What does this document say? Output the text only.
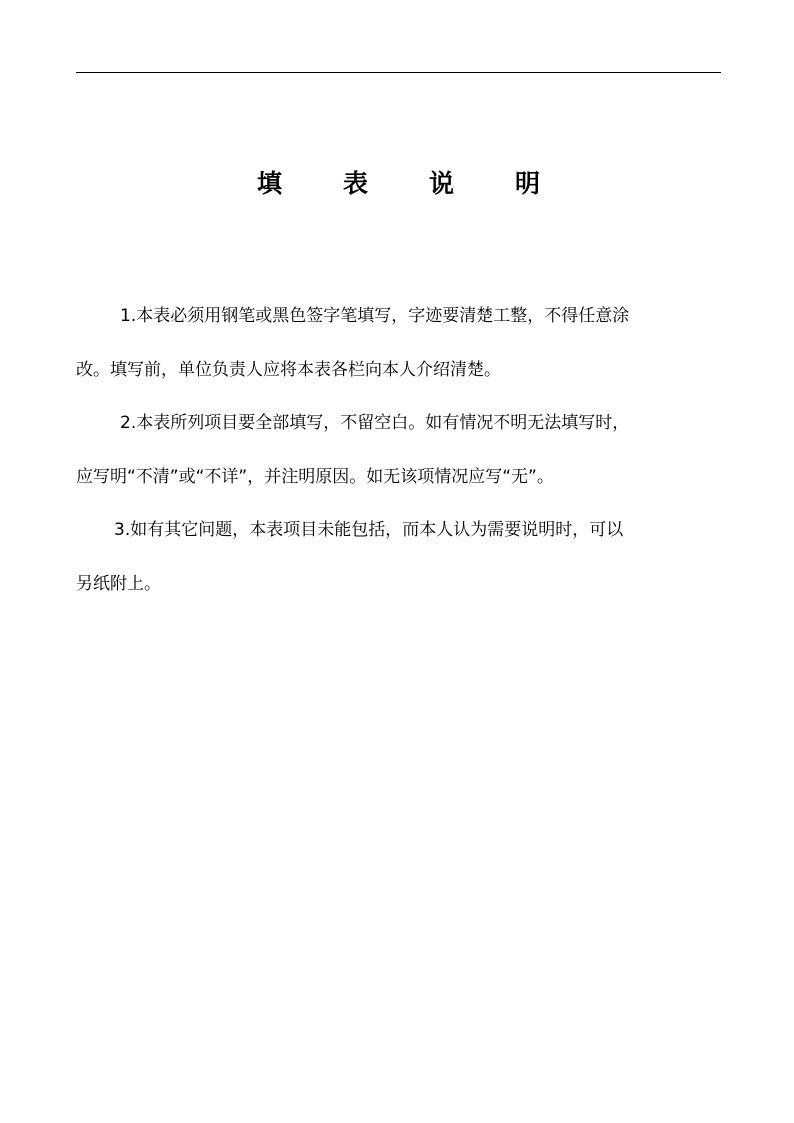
填 表 说 明
1.本表必须用钢笔或黑色签字笔填写，字迹要清楚工整，不得任意涂
改。填写前，单位负责人应将本表各栏向本人介绍清楚。
2.本表所列项目要全部填写，不留空白。如有情况不明无法填写时，
应写明“不清”或“不详”，并注明原因。如无该项情况应写“无”。
3.如有其它问题，本表项目未能包括，而本人认为需要说明时，可以
另纸附上。
